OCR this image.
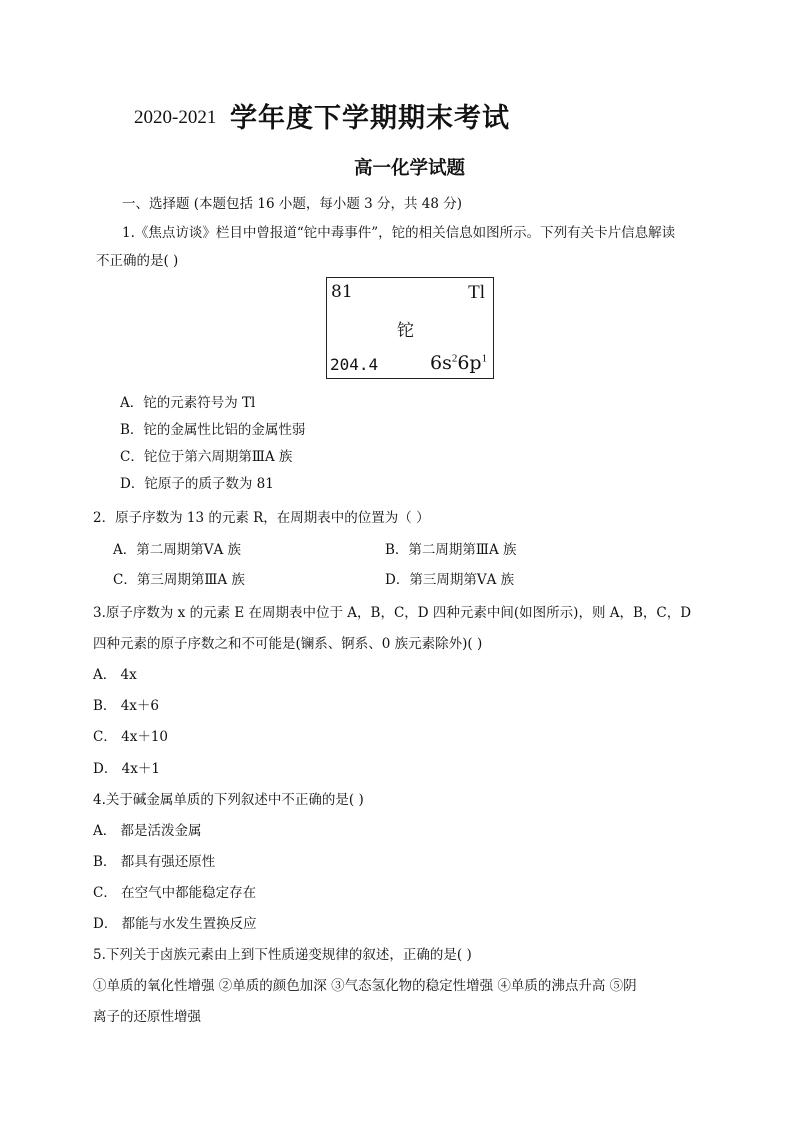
2020-2021 学年度下学期期末考试
高一化学试题
一、选择题 (本题包括 16 小题，每小题 3 分，共 48 分)
1.《焦点访谈》栏目中曾报道“铊中毒事件”，铊的相关信息如图所示。下列有关卡片信息解读
不正确的是( )
81	Tl
铊
204.4	$6s^26p^1$
A．铊的元素符号为 Tl
B．铊的金属性比铝的金属性弱
C．铊位于第六周期第ⅢA 族
D．铊原子的质子数为 81
2．原子序数为 13 的元素 R，在周期表中的位置为（ ）
A．第二周期第ⅤA 族	B．第二周期第ⅢA 族
C．第三周期第ⅢA 族	D．第三周期第ⅤA 族
3.原子序数为 x 的元素 E 在周期表中位于 A，B，C，D 四种元素中间(如图所示)，则 A，B，C，D
四种元素的原子序数之和不可能是(镧系、锕系、0 族元素除外)( )
A． 4x
B． 4x＋6
C． 4x＋10
D． 4x＋1
4.关于碱金属单质的下列叙述中不正确的是( )
A． 都是活泼金属
B． 都具有强还原性
C． 在空气中都能稳定存在
D． 都能与水发生置换反应
5.下列关于卤族元素由上到下性质递变规律的叙述，正确的是( )
①单质的氧化性增强 ②单质的颜色加深 ③气态氢化物的稳定性增强 ④单质的沸点升高 ⑤阴
离子的还原性增强
